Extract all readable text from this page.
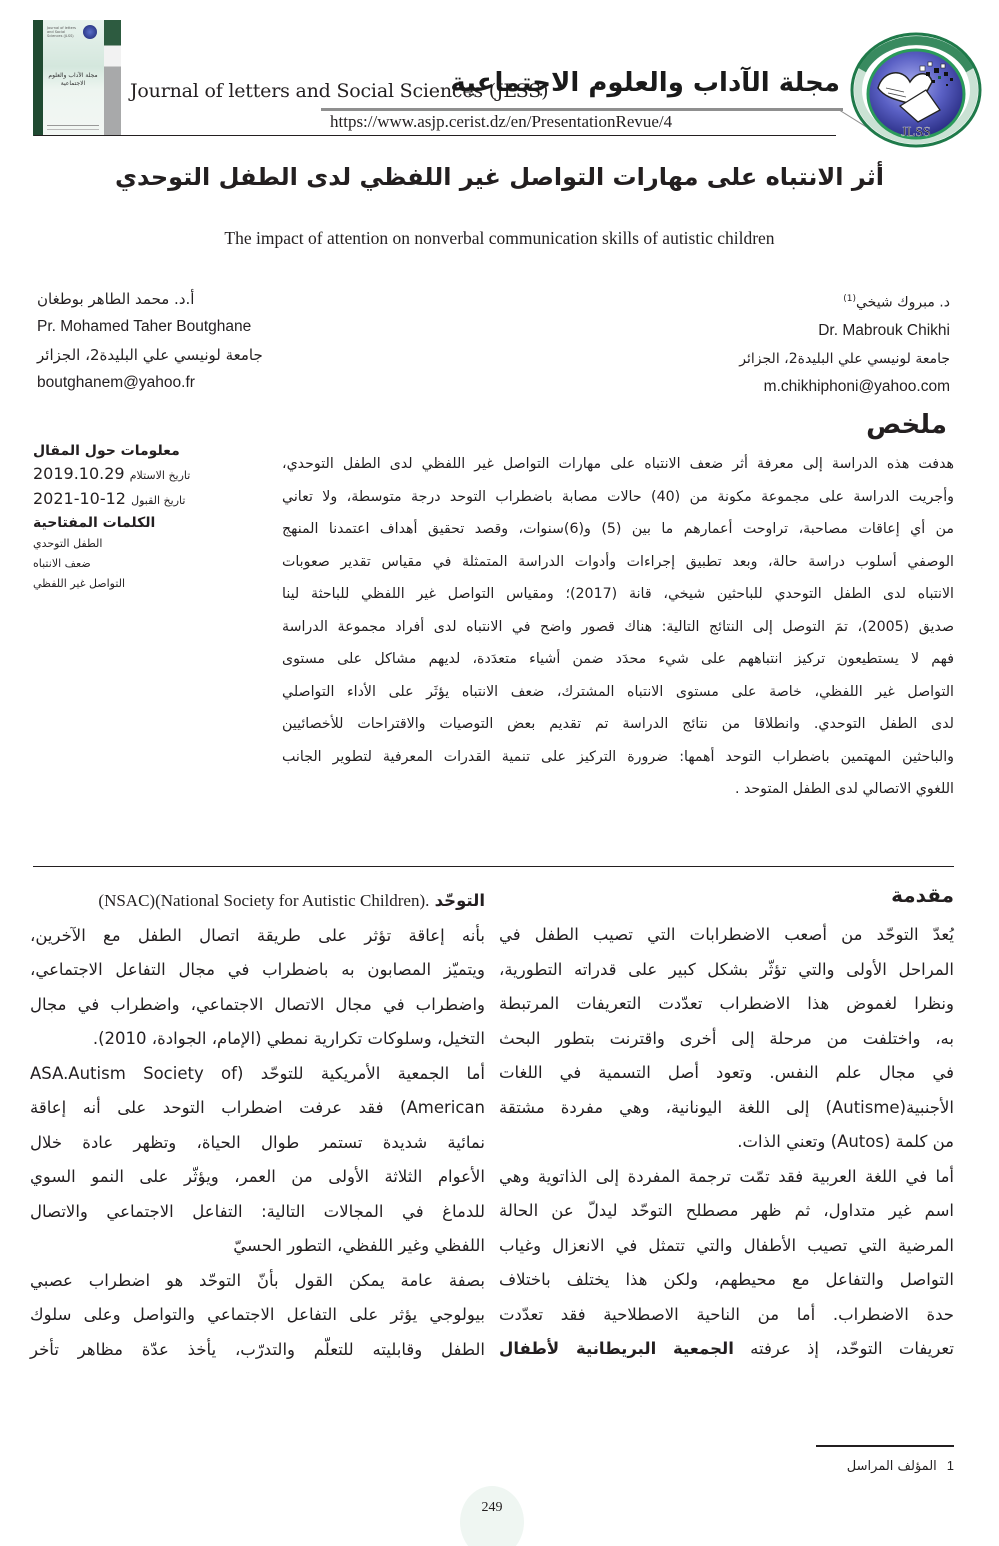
Journal of letters and Social Sciences (JLSS)
مجلة الآداب والعلوم الاجتماعية	Journal of letters and Social Sciences (JLSS)
مجلة الآداب والعلوم الاجتماعية
https://www.asjp.cerist.dz/en/PresentationRevue/4
JLSS
أثر الانتباه على مهارات التواصل غير اللفظي لدى الطفل التوحدي
The impact of attention on nonverbal communication skills of autistic children
د. مبروك شيخي$^{(1)}$
Dr. Mabrouk Chikhi
جامعة لونيسي علي البليدة2، الجزائر
m.chikhiphoni@yahoo.com
أ.د. محمد الطاهر بوطغان
Pr. Mohamed Taher Boutghane
جامعة لونيسي علي البليدة2، الجزائر
boutghanem@yahoo.fr
معلومات حول المقال
2019.10.29 تاريخ الاستلام
2021-10-12 تاريخ القبول
الكلمات المفتاحية
الطفل التوحدي
ضعف الانتباه
التواصل غير اللفظي
ملخص
هدفت هذه الدراسة إلى معرفة أثر ضعف الانتباه على مهارات التواصل غير اللفظي لدى الطفل التوحدي،
وأجريت الدراسة على مجموعة مكونة من (40) حالات مصابة باضطراب التوحد درجة متوسطة، ولا تعاني
من أي إعاقات مصاحبة، تراوحت أعمارهم ما بين (5) و(6)سنوات، وقصد تحقيق أهداف اعتمدنا المنهج
الوصفي أسلوب دراسة حالة، وبعد تطبيق إجراءات وأدوات الدراسة المتمثلة في مقياس تقدير صعوبات
الانتباه لدى الطفل التوحدي للباحثين شيخي، قانة (2017)؛ ومقياس التواصل غير اللفظي للباحثة لينا
صديق (2005)، تمَ التوصل إلى النتائج التالية: هناك قصور واضح في الانتباه لدى أفراد مجموعة الدراسة
فهم لا يستطيعون تركيز انتباههم على شيء محدَد ضمن أشياء متعدَدة، لديهم مشاكل على مستوى
التواصل غير اللفظي، خاصة على مستوى الانتباه المشترك، ضعف الانتباه يؤثَر على الأداء التواصلي
لدى الطفل التوحدي. وانطلاقا من نتائج الدراسة تم تقديم بعض التوصيات والاقتراحات للأخصائيين
والباحثين المهتمين باضطراب التوحد أهمها: ضرورة التركيز على تنمية القدرات المعرفية لتطوير الجانب
اللغوي الاتصالي لدى الطفل المتوحد .
مقدمة
يُعدّ التوحّد من أصعب الاضطرابات التي تصيب الطفل في
المراحل الأولى والتي تؤثّر بشكل كبير على قدراته التطورية،
ونظرا لغموض هذا الاضطراب تعدّدت التعريفات المرتبطة
به، واختلفت من مرحلة إلى أخرى واقترنت بتطور البحث
في مجال علم النفس. وتعود أصل التسمية في اللغات
الأجنبية(Autisme) إلى اللغة اليونانية، وهي مفردة مشتقة
من كلمة (Autos) وتعني الذات.
أما في اللغة العربية فقد تمّت ترجمة المفردة إلى الذاتوية وهي
اسم غير متداول، ثم ظهر مصطلح التوحّد ليدلّ عن الحالة
المرضية التي تصيب الأطفال والتي تتمثل في الانعزال وغياب
التواصل والتفاعل مع محيطهم، ولكن هذا يختلف باختلاف
حدة الاضطراب. أما من الناحية الاصطلاحية فقد تعدّدت
تعريفات التوحّد، إذ عرفته الجمعية البريطانية لأطفال
التوحّد (NSAC)(National Society for Autistic Children).
بأنه إعاقة تؤثر على طريقة اتصال الطفل مع الآخرين،
ويتميّز المصابون به باضطراب في مجال التفاعل الاجتماعي،
واضطراب في مجال الاتصال الاجتماعي، واضطراب في مجال
التخيل، وسلوكات تكرارية نمطي (الإمام، الجوادة، 2010).
أما الجمعية الأمريكية للتوحّد (ASA.Autism Society of
American) فقد عرفت اضطراب التوحد على أنه إعاقة
نمائية شديدة تستمر طوال الحياة، وتظهر عادة خلال
الأعوام الثلاثة الأولى من العمر، ويؤثّر على النمو السوي
للدماغ في المجالات التالية: التفاعل الاجتماعي والاتصال
اللفظي وغير اللفظي، التطور الحسيّ
بصفة عامة يمكن القول بأنّ التوحّد هو اضطراب عصبي
بيولوجي يؤثر على التفاعل الاجتماعي والتواصل وعلى سلوك
الطفل وقابليته للتعلّم والتدرّب، يأخذ عدّة مظاهر تأخر
1المؤلف المراسل
249
